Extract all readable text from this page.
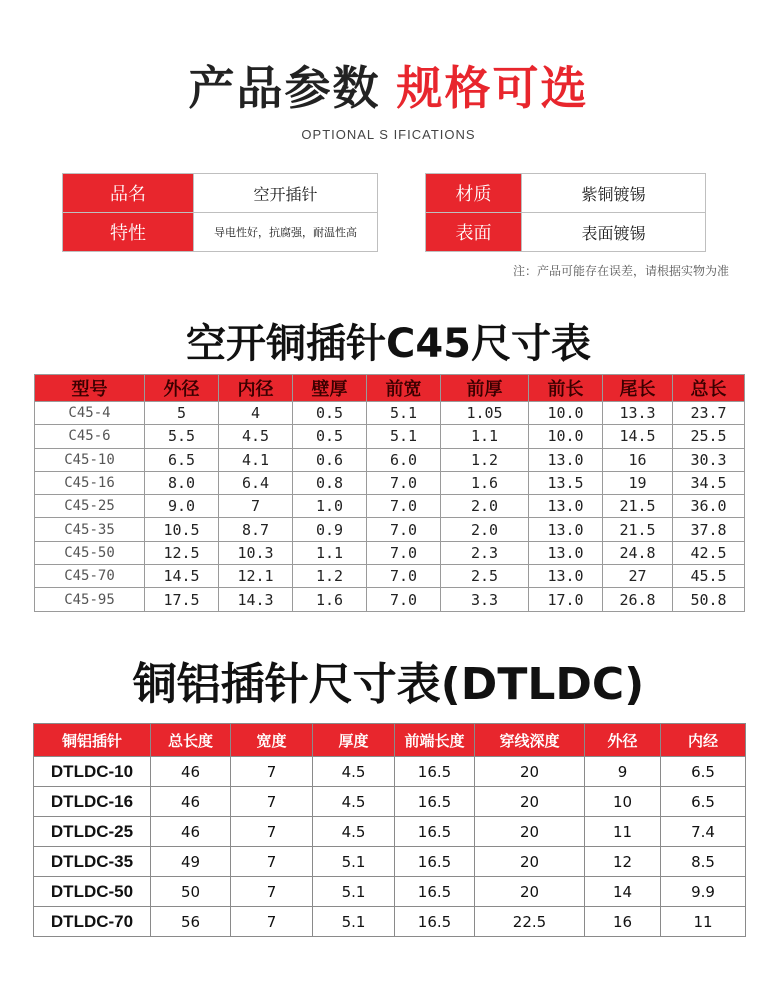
产品参数 规格可选
OPTIONAL S IFICATIONS
品名	空开插针
特性	导电性好，抗腐强，耐温性高
材质	紫铜镀锡
表面	表面镀锡
注：产品可能存在误差，请根据实物为准
空开铜插针C45尺寸表
型号	外径	内径	壁厚	前宽	前厚	前长	尾长	总长
C45-4	5	4	0.5	5.1	1.05	10.0	13.3	23.7
C45-6	5.5	4.5	0.5	5.1	1.1	10.0	14.5	25.5
C45-10	6.5	4.1	0.6	6.0	1.2	13.0	16	30.3
C45-16	8.0	6.4	0.8	7.0	1.6	13.5	19	34.5
C45-25	9.0	7	1.0	7.0	2.0	13.0	21.5	36.0
C45-35	10.5	8.7	0.9	7.0	2.0	13.0	21.5	37.8
C45-50	12.5	10.3	1.1	7.0	2.3	13.0	24.8	42.5
C45-70	14.5	12.1	1.2	7.0	2.5	13.0	27	45.5
C45-95	17.5	14.3	1.6	7.0	3.3	17.0	26.8	50.8
铜铝插针尺寸表(DTLDC)
铜铝插针	总长度	宽度	厚度	前端长度	穿线深度	外径	内经
DTLDC-10	46	7	4.5	16.5	20	9	6.5
DTLDC-16	46	7	4.5	16.5	20	10	6.5
DTLDC-25	46	7	4.5	16.5	20	11	7.4
DTLDC-35	49	7	5.1	16.5	20	12	8.5
DTLDC-50	50	7	5.1	16.5	20	14	9.9
DTLDC-70	56	7	5.1	16.5	22.5	16	11
